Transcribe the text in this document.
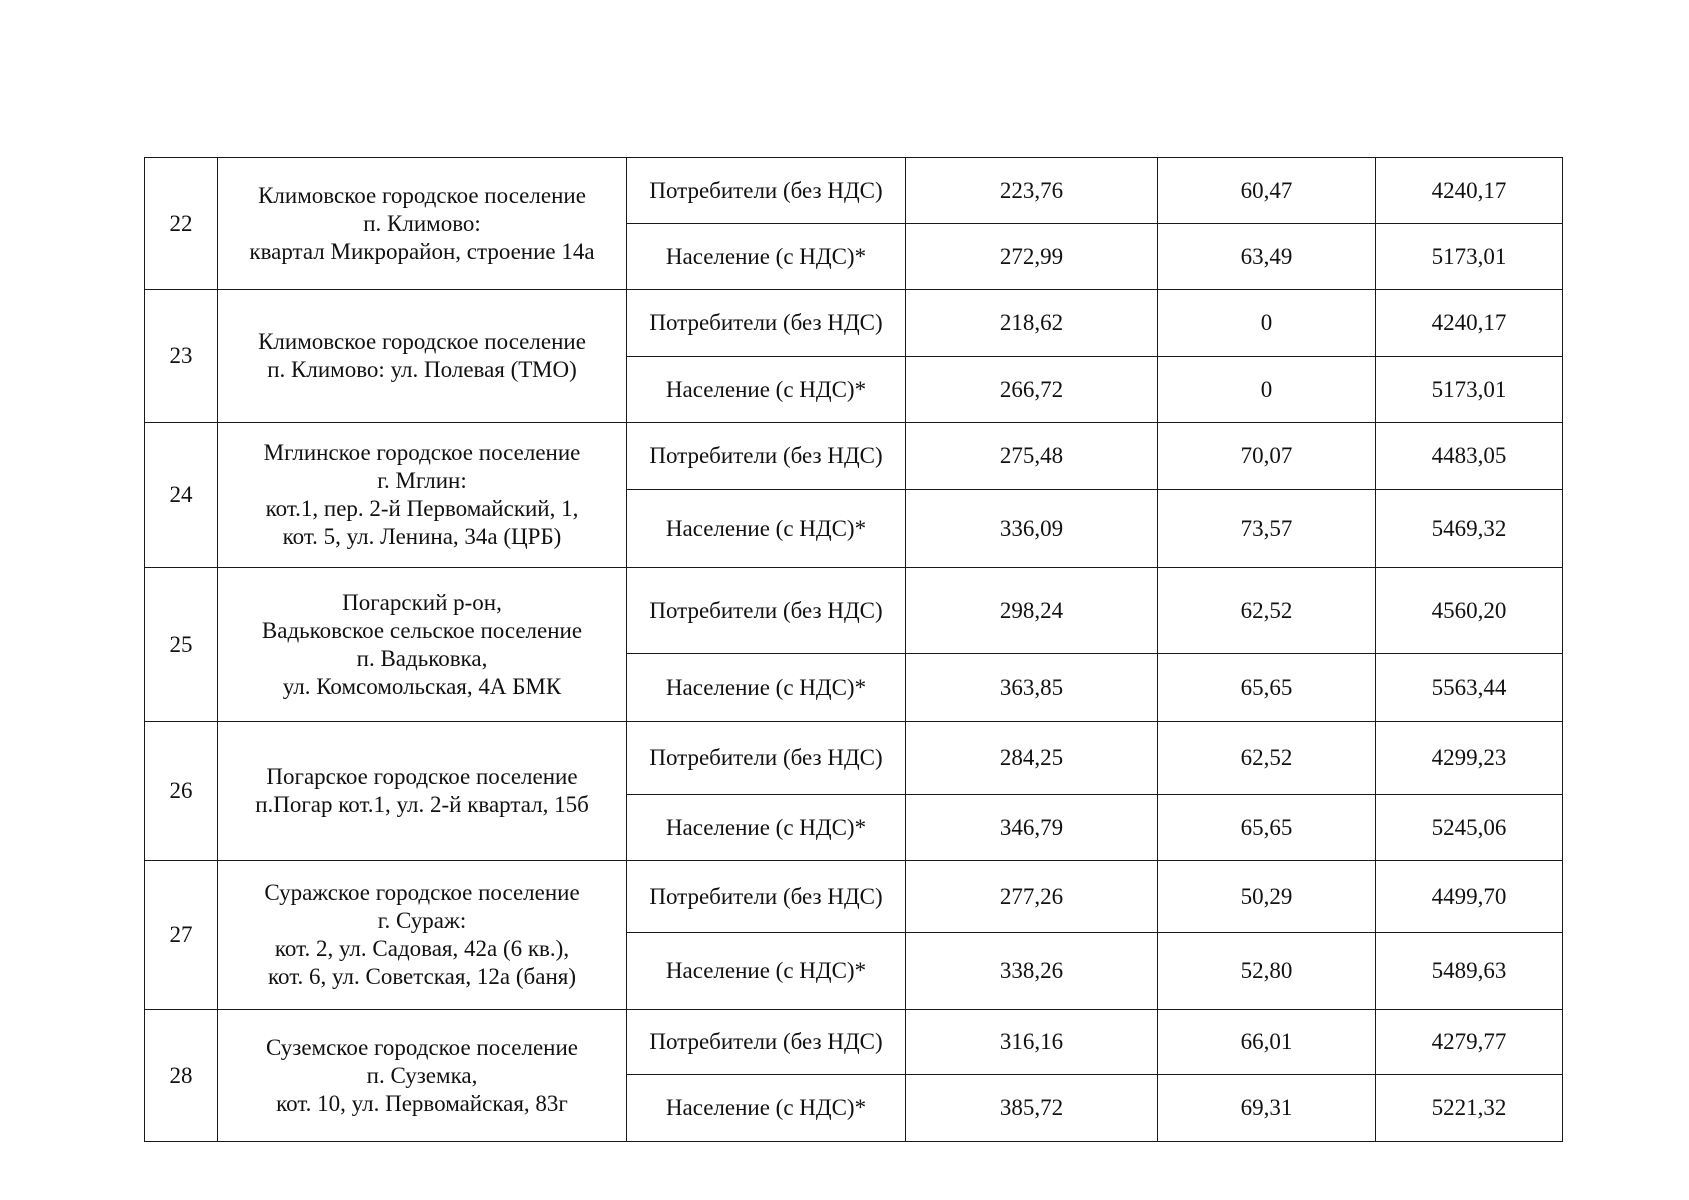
22	Климовское городское поселение
п. Климово:
квартал Микрорайон, строение 14а	Потребители (без НДС)	223,76	60,47	4240,17
		Население (с НДС)*	272,99	63,49	5173,01
23	Климовское городское поселение
п. Климово: ул. Полевая (ТМО)	Потребители (без НДС)	218,62	0	4240,17
		Население (с НДС)*	266,72	0	5173,01
24	Мглинское городское поселение
г. Мглин:
кот.1, пер. 2-й Первомайский, 1,
кот. 5, ул. Ленина, 34а (ЦРБ)	Потребители (без НДС)	275,48	70,07	4483,05
		Население (с НДС)*	336,09	73,57	5469,32
25	Погарский р-он,
Вадьковское сельское поселение
п. Вадьковка,
ул. Комсомольская, 4А БМК	Потребители (без НДС)	298,24	62,52	4560,20
		Население (с НДС)*	363,85	65,65	5563,44
26	Погарское городское поселение
п.Погар кот.1, ул. 2-й квартал, 15б	Потребители (без НДС)	284,25	62,52	4299,23
		Население (с НДС)*	346,79	65,65	5245,06
27	Суражское городское поселение
г. Сураж:
кот. 2, ул. Садовая, 42а (6 кв.),
кот. 6, ул. Советская, 12а (баня)	Потребители (без НДС)	277,26	50,29	4499,70
		Население (с НДС)*	338,26	52,80	5489,63
28	Суземское городское поселение
п. Суземка,
кот. 10, ул. Первомайская, 83г	Потребители (без НДС)	316,16	66,01	4279,77
		Население (с НДС)*	385,72	69,31	5221,32
